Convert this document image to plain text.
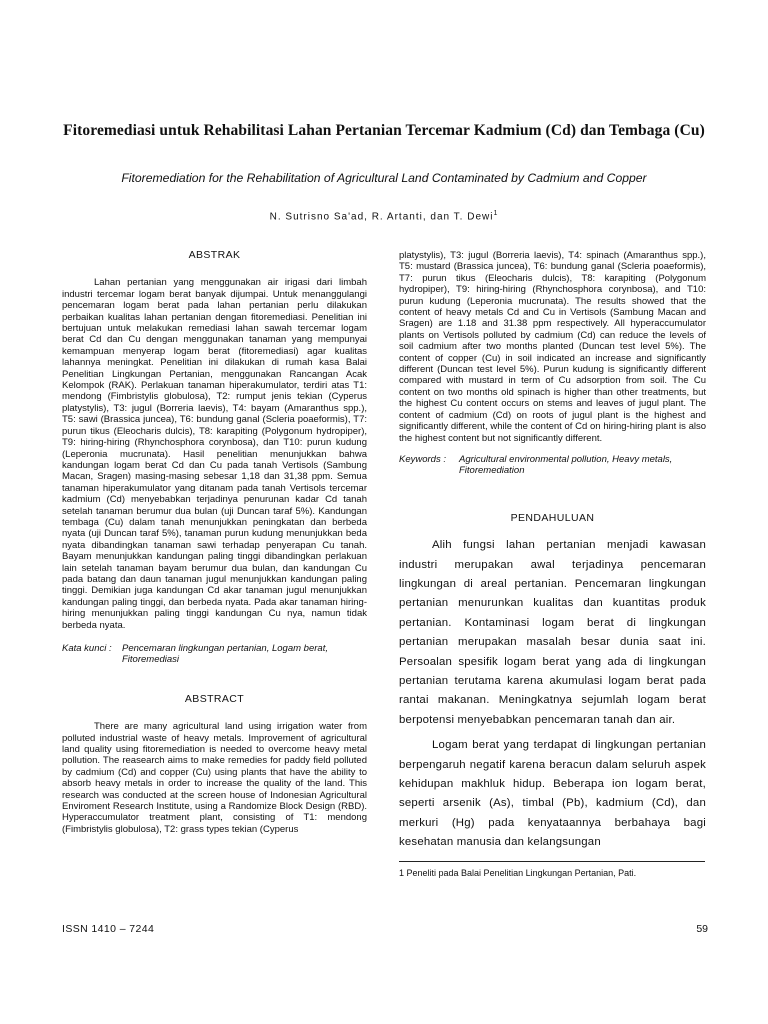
Fitoremediasi untuk Rehabilitasi Lahan Pertanian Tercemar Kadmium (Cd) dan Tembaga (Cu)
Fitoremediation for the Rehabilitation of Agricultural Land Contaminated by Cadmium and Copper
N. Sutrisno Sa'ad, R. Artanti, dan T. Dewi$^1$

ABSTRAK

Lahan pertanian yang menggunakan air irigasi dari limbah industri tercemar logam berat banyak dijumpai. Untuk menanggulangi pencemaran logam berat pada lahan pertanian perlu dilakukan perbaikan kualitas lahan pertanian dengan fitoremediasi. Penelitian ini bertujuan untuk melakukan remediasi lahan sawah tercemar logam berat Cd dan Cu dengan menggunakan tanaman yang mempunyai kemampuan menyerap logam berat (fitoremediasi) agar kualitas lahannya meningkat. Penelitian ini dilakukan di rumah kasa Balai Penelitian Lingkungan Pertanian, menggunakan Rancangan Acak Kelompok (RAK). Perlakuan tanaman hiperakumulator, terdiri atas T1: mendong (Fimbristylis globulosa), T2: rumput jenis tekian (Cyperus platystylis), T3: jugul (Borreria laevis), T4: bayam (Amaranthus spp.), T5: sawi (Brassica juncea), T6: bundung ganal (Scleria poaeformis), T7: purun tikus (Eleocharis dulcis), T8: karapiting (Polygonum hydropiper), T9: hiring-hiring (Rhynchosphora corynbosa), dan T10: purun kudung (Leperonia mucrunata). Hasil penelitian menunjukkan bahwa kandungan logam berat Cd dan Cu pada tanah Vertisols (Sambung Macan, Sragen) masing-masing sebesar 1,18 dan 31,38 ppm. Semua tanaman hiperakumulator yang ditanam pada tanah Vertisols tercemar kadmium (Cd) menyebabkan terjadinya penurunan kadar Cd tanah setelah tanaman berumur dua bulan (uji Duncan taraf 5%). Kandungan tembaga (Cu) dalam tanah menunjukkan peningkatan dan berbeda nyata (uji Duncan taraf 5%), tanaman purun kudung menunjukkan beda nyata dibandingkan tanaman sawi terhadap penyerapan Cu tanah. Bayam menunjukkan kandungan paling tinggi dibandingkan perlakuan lain setelah tanaman bayam berumur dua bulan, dan kandungan Cu pada batang dan daun tanaman jugul menunjukkan kandungan paling tinggi. Demikian juga kandungan Cd akar tanaman jugul menunjukkan kandungan paling tinggi, dan berbeda nyata. Pada akar tanaman hiring-hiring menunjukkan paling tinggi kandungan Cu nya, namun tidak berbeda nyata.

Kata kunci :	Pencemaran lingkungan pertanian, Logam berat, Fitoremediasi

ABSTRACT

There are many agricultural land using irrigation water from polluted industrial waste of heavy metals. Improvement of agricultural land quality using fitoremediation is needed to overcome heavy metal pollution. The reasearch aims to make remedies for paddy field polluted by cadmium (Cd) and copper (Cu) using plants that have the ability to absorb heavy metals in order to increase the quality of the land. This research was conducted at the screen house of Indonesian Agricultural Enviroment Research Institute, using a Randomize Block Design (RBD). Hyperaccumulator treatment plant, consisting of T1: mendong (Fimbristylis globulosa), T2: grass types tekian (Cyperus

platystylis), T3: jugul (Borreria laevis), T4: spinach (Amaranthus spp.), T5: mustard (Brassica juncea), T6: bundung ganal (Scleria poaeformis), T7: purun tikus (Eleocharis dulcis), T8: karapiting (Polygonum hydropiper), T9: hiring-hiring (Rhynchosphora corynbosa), and T10: purun kudung (Leperonia mucrunata). The results showed that the content of heavy metals Cd and Cu in Vertisols (Sambung Macan and Sragen) are 1.18 and 31.38 ppm respectively. All hyperaccumulator plants on Vertisols polluted by cadmium (Cd) can reduce the levels of soil cadmium after two months planted (Duncan test level 5%). The content of copper (Cu) in soil indicated an increase and significantly different (Duncan test level 5%). Purun kudung is significantly different compared with mustard in term of Cu adsorption from soil. The Cu content on two months old spinach is higher than other treatments, but the highest Cu content occurs on stems and leaves of jugul plant. The content of cadmium (Cd) on roots of jugul plant is the highest and significantly different, while the content of Cd on hiring-hiring plant is also the highest content but not significantly different.

Keywords :	Agricultural environmental pollution, Heavy metals, Fitoremediation

PENDAHULUAN

Alih fungsi lahan pertanian menjadi kawasan industri merupakan awal terjadinya pencemaran lingkungan di areal pertanian. Pencemaran lingkungan pertanian menurunkan kualitas dan kuantitas produk pertanian. Kontaminasi logam berat di lingkungan pertanian merupakan masalah besar dunia saat ini. Persoalan spesifik logam berat yang ada di lingkungan pertanian terutama karena akumulasi logam berat pada rantai makanan. Meningkatnya sejumlah logam berat berpotensi menyebabkan pencemaran tanah dan air.

Logam berat yang terdapat di lingkungan pertanian berpengaruh negatif karena beracun dalam seluruh aspek kehidupan makhluk hidup. Beberapa ion logam berat, seperti arsenik (As), timbal (Pb), kadmium (Cd), dan merkuri (Hg) pada kenyataannya berbahaya bagi kesehatan manusia dan kelangsungan

1 Peneliti pada Balai Penelitian Lingkungan Pertanian, Pati.

ISSN 1410 – 7244	59
